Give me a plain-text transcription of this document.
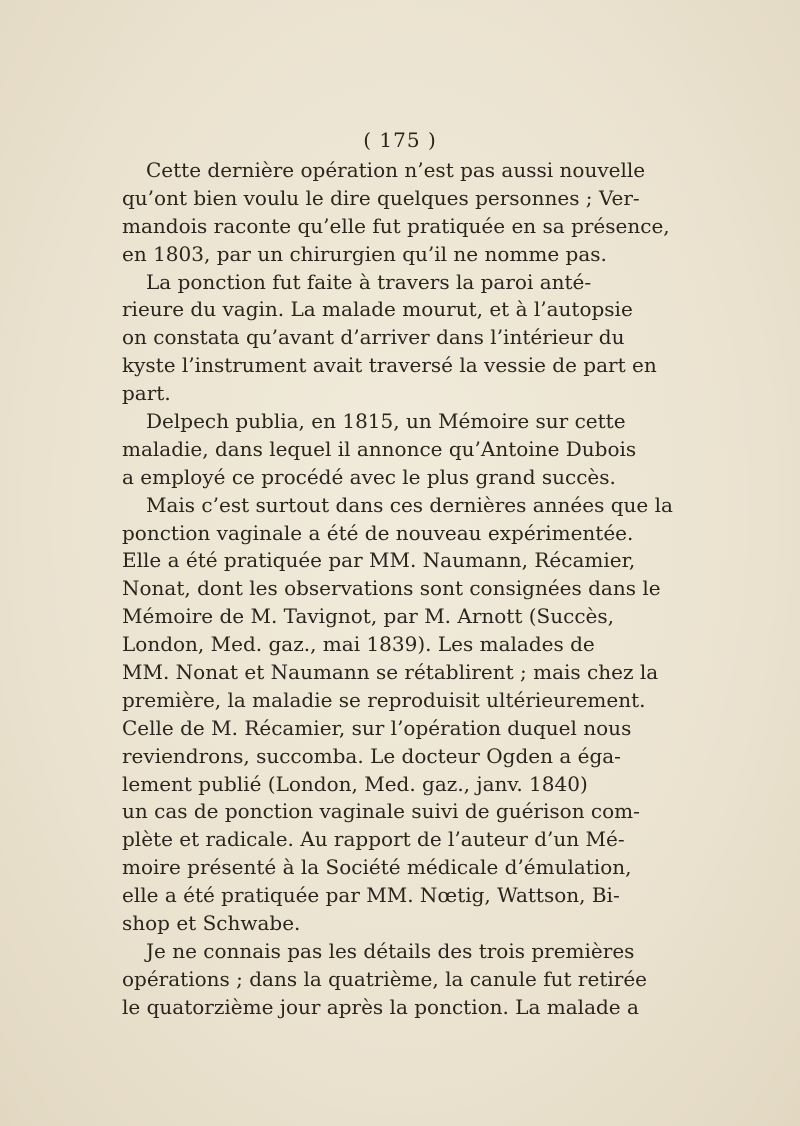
( 175 )
Cette dernière opération n’est pas aussi nouvelle
qu’ont bien voulu le dire quelques personnes ; Ver-
mandois raconte qu’elle fut pratiquée en sa présence,
en 1803, par un chirurgien qu’il ne nomme pas.
La ponction fut faite à travers la paroi anté-
rieure du vagin. La malade mourut, et à l’autopsie
on constata qu’avant d’arriver dans l’intérieur du
kyste l’instrument avait traversé la vessie de part en
part.
Delpech publia, en 1815, un Mémoire sur cette
maladie, dans lequel il annonce qu’Antoine Dubois
a employé ce procédé avec le plus grand succès.
Mais c’est surtout dans ces dernières années que la
ponction vaginale a été de nouveau expérimentée.
Elle a été pratiquée par MM. Naumann, Récamier,
Nonat, dont les observations sont consignées dans le
Mémoire de M. Tavignot, par M. Arnott (Succès,
London, Med. gaz., mai 1839). Les malades de
MM. Nonat et Naumann se rétablirent ; mais chez la
première, la maladie se reproduisit ultérieurement.
Celle de M. Récamier, sur l’opération duquel nous
reviendrons, succomba. Le docteur Ogden a éga-
lement publié (London, Med. gaz., janv. 1840)
un cas de ponction vaginale suivi de guérison com-
plète et radicale. Au rapport de l’auteur d’un Mé-
moire présenté à la Société médicale d’émulation,
elle a été pratiquée par MM. Nœtig, Wattson, Bi-
shop et Schwabe.
Je ne connais pas les détails des trois premières
opérations ; dans la quatrième, la canule fut retirée
le quatorzième jour après la ponction. La malade a
